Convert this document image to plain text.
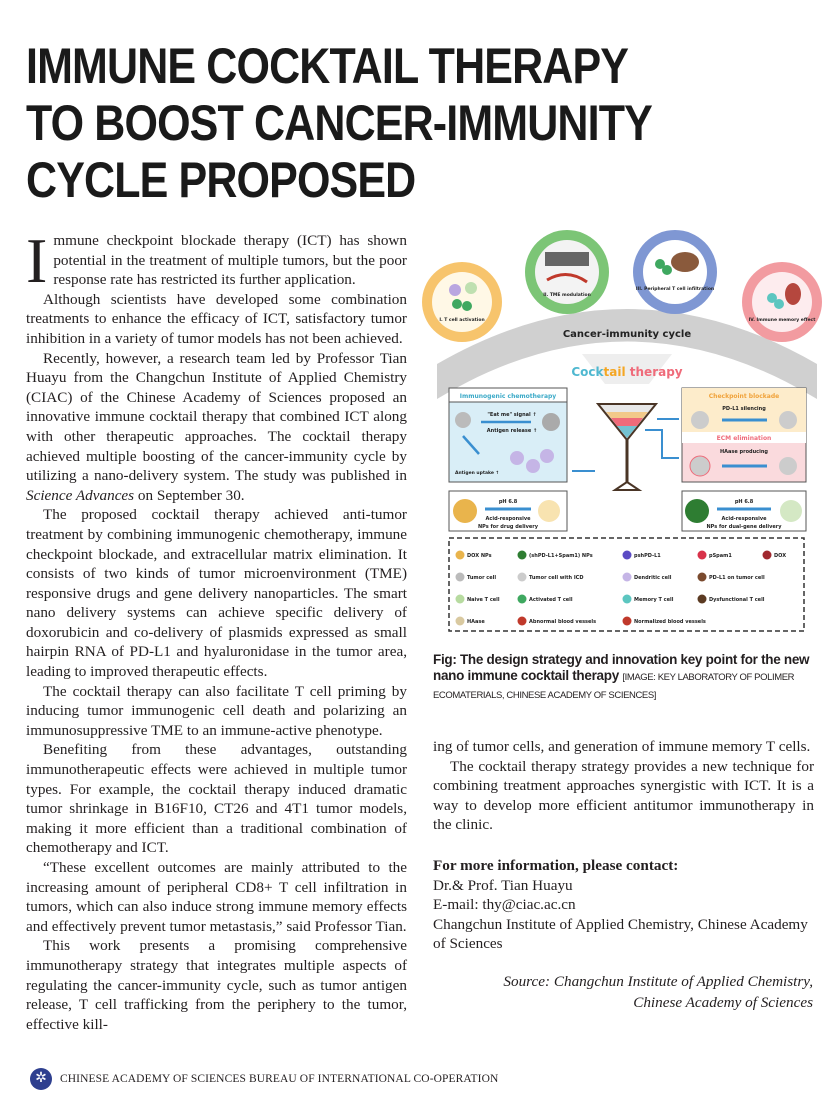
IMMUNE COCKTAIL THERAPY
TO BOOST CANCER-IMMUNITY
CYCLE PROPOSED

Immune checkpoint blockade therapy (ICT) has shown potential in the treatment of multiple tumors, but the poor response rate has restricted its further application.

Although scientists have developed some combination treatments to enhance the efficacy of ICT, satisfactory tumor inhibition in a variety of tumor models has not been achieved.

Recently, however, a research team led by Professor Tian Huayu from the Changchun Institute of Applied Chemistry (CIAC) of the Chinese Academy of Sciences proposed an innovative immune cocktail therapy that combined ICT along with other therapeutic approaches. The cocktail therapy achieved multiple boosting of the cancer-immunity cycle by utilizing a nano-delivery system. The study was published in Science Advances on September 30.

The proposed cocktail therapy achieved anti-tumor treatment by combining immunogenic chemotherapy, immune checkpoint blockade, and extracellular matrix elimination. It consists of two kinds of tumor microenvironment (TME) responsive drugs and gene delivery nanoparticles. The smart nano delivery systems can achieve specific delivery of doxorubicin and co-delivery of plasmids expressed as small hairpin RNA of PD-L1 and hyaluronidase in the tumor area, leading to improved therapeutic effects.

The cocktail therapy can also facilitate T cell priming by inducing tumor immunogenic cell death and polarizing an immunosuppressive TME to an immune-active phenotype.

Benefiting from these advantages, outstanding immunotherapeutic effects were achieved in multiple tumor types. For example, the cocktail therapy induced dramatic tumor shrinkage in B16F10, CT26 and 4T1 tumor models, making it more efficient than a traditional combination of chemotherapy and ICT.

“These excellent outcomes are mainly attributed to the increasing amount of peripheral CD8+ T cell infiltration in tumors, which can also induce strong immune memory effects and effectively prevent tumor metastasis,” said Professor Tian.

This work presents a promising comprehensive immunotherapy strategy that integrates multiple aspects of regulating the cancer-immunity cycle, such as tumor antigen release, T cell trafficking from the periphery to the tumor, effective kill-

Cancer-immunity cycle
I. T cell activation
II. TME modulation
III. Peripheral T cell infiltration
IV. Immune memory effect
Cocktail therapy
Immunogenic chemotherapy
"Eat me" signal ↑
Antigen release ↑
Antigen uptake ↑
Checkpoint blockade
PD-L1 silencing
ECM elimination
HAase producing
pH 6.8
Acid-responsive
NPs for drug delivery
pH 6.8
Acid-responsive
NPs for dual-gene delivery
DOX NPs	(shPD-L1+Spam1) NPs	pshPD-L1	pSpam1	DOX
Tumor cell	Tumor cell with ICD	Dendritic cell	PD-L1 on tumor cell
Naive T cell	Activated T cell	Memory T cell	Dysfunctional T cell
HAase	Abnormal blood vessels	Normalized blood vessels
Fig: The design strategy and innovation key point for the new nano immune cocktail therapy [IMAGE: KEY LABORATORY OF POLIMER ECOMATERIALS, CHINESE ACADEMY OF SCIENCES]

ing of tumor cells, and generation of immune memory T cells.

The cocktail therapy strategy provides a new technique for combining treatment approaches synergistic with ICT. It is a way to develop more efficient antitumor immunotherapy in the clinic.

For more information, please contact:
Dr.& Prof. Tian Huayu
E-mail: thy@ciac.ac.cn
Changchun Institute of Applied Chemistry, Chinese Academy of Sciences
Source: Changchun Institute of Applied Chemistry,
Chinese Academy of Sciences
✲
CHINESE ACADEMY OF SCIENCES BUREAU OF INTERNATIONAL CO-OPERATION
